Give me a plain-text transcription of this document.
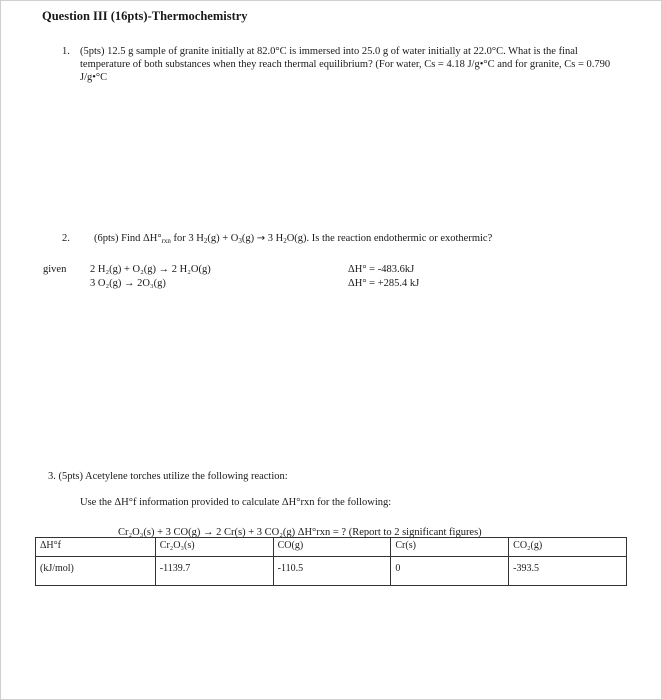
Question III (16pts)-Thermochemistry
1. (5pts) 12.5 g sample of granite initially at 82.0°C is immersed into 25.0 g of water initially at 22.0°C. What is the final temperature of both substances when they reach thermal equilibrium? (For water, Cs = 4.18 J/g•°C and for granite, Cs = 0.790 J/g•°C
2. (6pts) Find $\Delta H^\circ_{rxn}$ for 3 $H_2(g) + O_3(g) \to 3$ $H_2O(g)$. Is the reaction endothermic or exothermic?
given 2 H₂(g) + O₂(g) → 2 H₂O(g)	ΔH° = -483.6kJ
3 O₂(g) → 2O₃(g)	ΔH° = +285.4 kJ
3. (5pts) Acetylene torches utilize the following reaction:
Use the ΔH°f information provided to calculate ΔH°rxn for the following:
Cr₂O₃(s) + 3 CO(g) → 2 Cr(s) + 3 CO₂(g) ΔH°rxn = ? (Report to 2 significant figures)
ΔH°f	Cr₂O₃(s)	CO(g)	Cr(s)	CO₂(g)
(kJ/mol)	-1139.7	-110.5	0	-393.5
